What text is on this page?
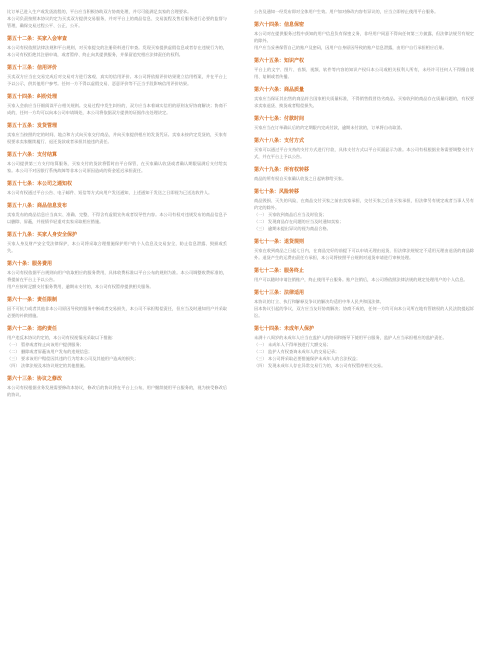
比订单已进入生产或发货流程的，平台应当积极协助双方协商处理，并尽可能满足卖家的合理要求。

本公司负责按照本协议约定为买卖双方提供交易服务，并对平台上的商品信息、交易流程及售后服务进行必要的监督与管理，确保交易过程公平、公正、公开。

第五十二条：买家入会审查

本公司有权依照法律法规和平台规则，对买家提交的注册资料进行审查。发现买家提供虚假信息或者存在违规行为的，本公司有权拒绝其注册申请，或者暂停、终止向其提供服务，并保留追究相应法律责任的权利。

第五十三条：信用评价

买卖双方应当在交易完成后对交易对方进行客观、真实的信用评价。本公司将依据评价结果建立信用档案，并在平台上予以公示，供其他用户参考。任何一方不得以虚假交易、恶意评价等不正当手段影响信用评价结果。

第五十四条：纠纷处理

买家入会前应当仔细阅读平台相关规则。交易过程中发生纠纷的，双方应当本着诚实信用的原则友好协商解决；协商不成的，任何一方均可以向本公司申请调处，本公司将依据双方提供的证据作出处理决定。

第五十五条：发货管理

卖家应当按照约定的时间、地点和方式向买家交付商品，并向买家提供相应的发货凭证。卖家未按约定发货的，买家有权要求卖家继续履行、退还货款或者承担其他违约责任。

第五十六条：支付结算

本公司提供第三方支付结算服务，买家支付的货款将暂时由平台保管，在买家确认收货或者确认期限届满后支付给卖家。本公司不对因银行系统故障等非本公司原因造成的资金延迟承担责任。

第五十七条：本公司之通知权

本公司有权通过平台公告、电子邮件、短信等方式向用户发送通知，上述通知于发送之日即视为已送达收件人。

第五十八条：商品信息发布

卖家发布的商品信息应当真实、准确、完整，不得含有虚假宣传或者误导性内容。本公司有权对违规发布的商品信息予以删除、屏蔽，并视情节轻重对卖家采取相应措施。

第五十九条：买家人身安全保护

买家人身及财产安全受法律保护，本公司将采取合理措施保护用户的个人信息及交易安全，防止信息泄露、毁损或丢失。

第六十条：服务费用

本公司有权依据平台规则向用户收取相应的服务费用，具体收费标准以平台公布的规则为准。本公司调整收费标准的，将提前在平台上予以公告。

用户应按时足额支付服务费用，逾期未支付的，本公司有权暂停提供相关服务。

第六十一条：责任限制

因不可抗力或者其他非本公司原因导致的服务中断或者交易损失，本公司不承担赔偿责任，但应当及时通知用户并采取必要的补救措施。

第六十二条：违约责任

用户违反本协议约定的，本公司有权视情况采取以下措施：

（一） 暂停或者终止向该用户提供服务；
（二） 删除或者屏蔽该用户发布的违规信息；
（三） 要求该用户赔偿因其违约行为给本公司及其他用户造成的损失；
（四） 法律法规及本协议规定的其他措施。
第六十三条：协议之修改

本公司有权根据业务发展需要修改本协议，修改后的协议将在平台上公布，用户继续使用平台服务的，视为接受修改后的协议。

公告及通知一经发布即对全体用户生效。用户如对修改内容有异议的，应当立即停止使用平台服务。

第六十四条：信息保密

本公司对在提供服务过程中获知的用户信息负有保密义务，非经用户同意不得向任何第三方披露，但法律法规另有规定的除外。

用户应当妥善保管自己的账户及密码，因用户自身原因导致的账户信息泄露，由用户自行承担相应后果。

第六十五条：知识产权

平台上的文字、图片、音频、视频、软件等内容的知识产权归本公司或相关权利人所有，未经许可任何人不得擅自使用、复制或者传播。

第六十六条：商品质量

卖家应当保证其出售的商品符合国家相关质量标准，不得销售假冒伪劣商品。买家收到的商品存在质量问题的，有权要求卖家退货、换货或者赔偿损失。

第六十七条：付款时间

买家应当在订单确认后的约定期限内完成付款，逾期未付款的，订单将自动取消。

第六十八条：支付方式

买家可以通过平台支持的支付方式进行付款，具体支付方式以平台页面显示为准。本公司有权根据业务需要调整支付方式，并在平台上予以公告。

第六十九条：所有权转移

商品的所有权自买家确认收货之日起转移给买家。

第七十条：风险转移

商品毁损、灭失的风险，在商品交付买家之前由卖家承担，交付买家之后由买家承担，但法律另有规定或者当事人另有约定的除外。

（一） 买家收到商品后应当及时验货；
（二） 发现商品存在问题的应当及时通知卖家；
（三） 逾期未提出异议的视为商品合格。
第七十一条：退货规则

买家在收到商品之日起七日内，在商品完好的前提下可以申请无理由退货，但法律法规规定不适用无理由退货的商品除外。退货产生的运费由责任方承担，本公司将按照平台规则对退货申请进行审核处理。

第七十二条：服务终止

用户可以随时申请注销账户，终止使用平台服务。账户注销后，本公司将依照法律法规的规定处理用户的个人信息。

第七十三条：法律适用

本协议的订立、执行和解释及争议的解决均适用中华人民共和国法律。

因本协议引起的争议，双方应当友好协商解决；协商不成的，任何一方均可向本公司所在地有管辖权的人民法院提起诉讼。

第七十四条：未成年人保护

未满十八周岁的未成年人应当在监护人的陪同和指导下使用平台服务，监护人应当承担相应的监护责任。

（一） 未成年人不得单独进行大额交易；
（二） 监护人有权查询未成年人的交易记录；
（三） 本公司将采取必要措施保护未成年人的合法权益；
（四） 发现未成年人存在异常交易行为的，本公司有权暂停相关交易。
